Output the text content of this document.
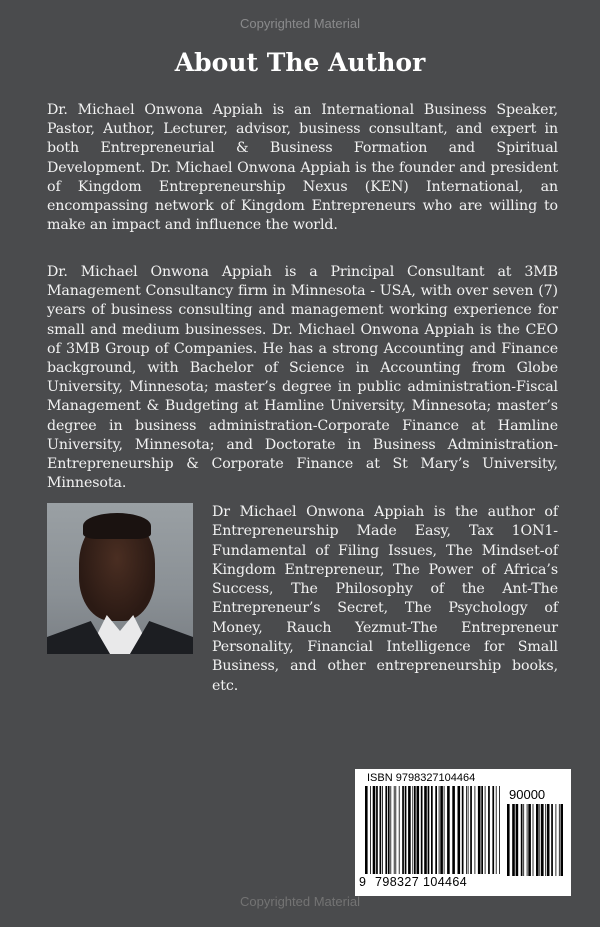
Copyrighted Material
About The Author
Dr. Michael Onwona Appiah is an International Business Speaker, Pastor, Author, Lecturer, advisor, business consultant, and expert in both Entrepreneurial & Business Formation and Spiritual Development. Dr. Michael Onwona Appiah is the founder and president of Kingdom Entrepreneurship Nexus (KEN) International, an encompassing network of Kingdom Entrepreneurs who are willing to make an impact and influence the world.
Dr. Michael Onwona Appiah is a Principal Consultant at 3MB Management Consultancy firm in Minnesota - USA, with over seven (7) years of business consulting and management working experience for small and medium businesses. Dr. Michael Onwona Appiah is the CEO of 3MB Group of Companies. He has a strong Accounting and Finance background, with Bachelor of Science in Accounting from Globe University, Minnesota; master’s degree in public administration-Fiscal Management & Budgeting at Hamline University, Minnesota; master’s degree in business administration-Corporate Finance at Hamline University, Minnesota; and Doctorate in Business Administration-Entrepreneurship & Corporate Finance at St Mary’s University, Minnesota.
Dr Michael Onwona Appiah is the author of Entrepreneurship Made Easy, Tax 1ON1-Fundamental of Filing Issues, The Mindset-of Kingdom Entrepreneur, The Power of Africa’s Success, The Philosophy of the Ant-The Entrepreneur’s Secret, The Psychology of Money, Rauch Yezmut-The Entrepreneur Personality, Financial Intelligence for Small Business, and other entrepreneurship books, etc.
ISBN 9798327104464
90000
9 798327 104464
Copyrighted Material
